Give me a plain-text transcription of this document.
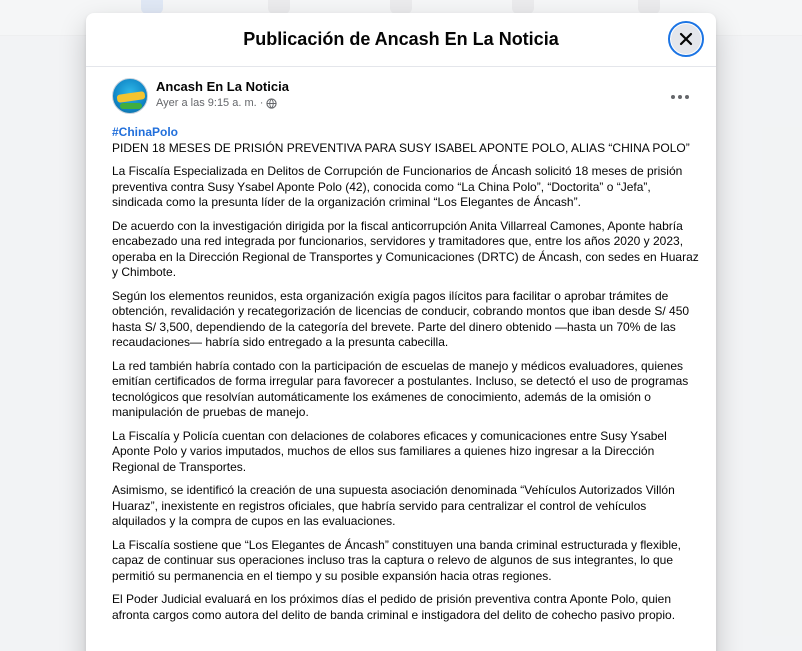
Publicación de Ancash En La Noticia
Ancash En La Noticia
Ayer a las 9:15 a. m. ·
#ChinaPolo

PIDEN 18 MESES DE PRISIÓN PREVENTIVA PARA SUSY ISABEL APONTE POLO, ALIAS “CHINA POLO”

La Fiscalía Especializada en Delitos de Corrupción de Funcionarios de Áncash solicitó 18 meses de prisión preventiva contra Susy Ysabel Aponte Polo (42), conocida como “La China Polo”, “Doctorita” o “Jefa”, sindicada como la presunta líder de la organización criminal “Los Elegantes de Áncash”.

De acuerdo con la investigación dirigida por la fiscal anticorrupción Anita Villarreal Camones, Aponte habría encabezado una red integrada por funcionarios, servidores y tramitadores que, entre los años 2020 y 2023, operaba en la Dirección Regional de Transportes y Comunicaciones (DRTC) de Áncash, con sedes en Huaraz y Chimbote.

Según los elementos reunidos, esta organización exigía pagos ilícitos para facilitar o aprobar trámites de obtención, revalidación y recategorización de licencias de conducir, cobrando montos que iban desde S/ 450 hasta S/ 3,500, dependiendo de la categoría del brevete. Parte del dinero obtenido —hasta un 70% de las recaudaciones— habría sido entregado a la presunta cabecilla.

La red también habría contado con la participación de escuelas de manejo y médicos evaluadores, quienes emitían certificados de forma irregular para favorecer a postulantes. Incluso, se detectó el uso de programas tecnológicos que resolvían automáticamente los exámenes de conocimiento, además de la omisión o manipulación de pruebas de manejo.

La Fiscalía y Policía cuentan con delaciones de colabores eficaces y comunicaciones entre Susy Ysabel Aponte Polo y varios imputados, muchos de ellos sus familiares a quienes hizo ingresar a la Dirección Regional de Transportes.

Asimismo, se identificó la creación de una supuesta asociación denominada “Vehículos Autorizados Villón Huaraz”, inexistente en registros oficiales, que habría servido para centralizar el control de vehículos alquilados y la compra de cupos en las evaluaciones.

La Fiscalía sostiene que “Los Elegantes de Áncash” constituyen una banda criminal estructurada y flexible, capaz de continuar sus operaciones incluso tras la captura o relevo de algunos de sus integrantes, lo que permitió su permanencia en el tiempo y su posible expansión hacia otras regiones.

El Poder Judicial evaluará en los próximos días el pedido de prisión preventiva contra Aponte Polo, quien afronta cargos como autora del delito de banda criminal e instigadora del delito de cohecho pasivo propio.
